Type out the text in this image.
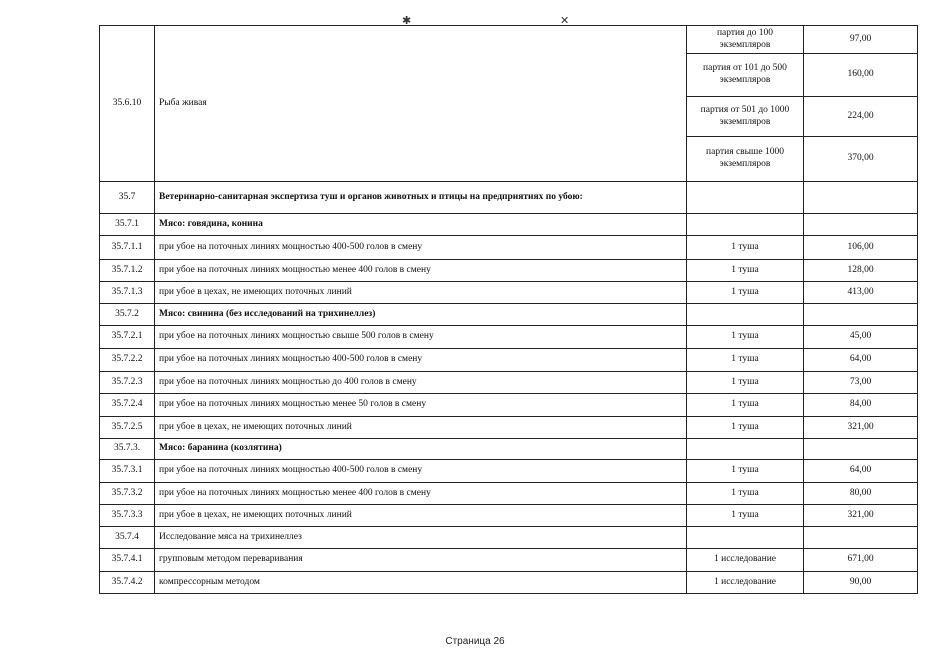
✱	✕
35.6.10	Рыба живая	партия до 100 экземпляров	97,00
		партия от 101 до 500 экземпляров	160,00
		партия от 501 до 1000 экземпляров	224,00
		партия свыше 1000 экземпляров	370,00
35.7	Ветеринарно-санитарная экспертиза туш и органов животных и птицы на предприятиях по убою:		
35.7.1	Мясо: говядина, конина		
35.7.1.1	при убое на поточных линиях мощностью 400-500 голов в смену	1 туша	106,00
35.7.1.2	при убое на поточных линиях мощностью менее 400 голов в смену	1 туша	128,00
35.7.1.3	при убое в цехах, не имеющих поточных линий	1 туша	413,00
35.7.2	Мясо: свинина (без исследований на трихинеллез)		
35.7.2.1	при убое на поточных линиях мощностью свыше 500 голов в смену	1 туша	45,00
35.7.2.2	при убое на поточных линиях мощностью 400-500 голов в смену	1 туша	64,00
35.7.2.3	при убое на поточных линиях мощностью до 400 голов в смену	1 туша	73,00
35.7.2.4	при убое на поточных линиях мощностью менее 50 голов в смену	1 туша	84,00
35.7.2.5	при убое в цехах, не имеющих поточных линий	1 туша	321,00
35.7.3.	Мясо: баранина (козлятина)		
35.7.3.1	при убое на поточных линиях мощностью 400-500 голов в смену	1 туша	64,00
35.7.3.2	при убое на поточных линиях мощностью менее 400 голов в смену	1 туша	80,00
35.7.3.3	при убое в цехах, не имеющих поточных линий	1 туша	321,00
35.7.4	Исследование мяса на трихинеллез		
35.7.4.1	групповым методом переваривания	1 исследование	671,00
35.7.4.2	компрессорным методом	1 исследование	90,00
Страница 26
